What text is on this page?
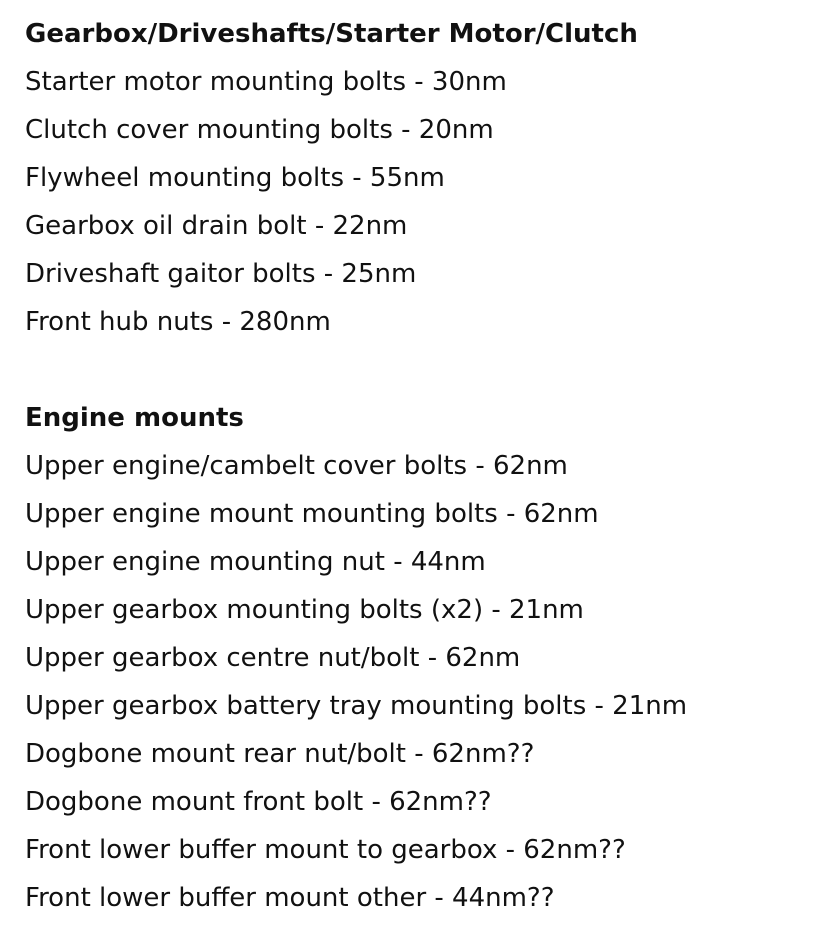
Gearbox/Driveshafts/Starter Motor/Clutch

Starter motor mounting bolts - 30nm

Clutch cover mounting bolts - 20nm

Flywheel mounting bolts - 55nm

Gearbox oil drain bolt - 22nm

Driveshaft gaitor bolts - 25nm

Front hub nuts - 280nm

Engine mounts

Upper engine/cambelt cover bolts - 62nm

Upper engine mount mounting bolts - 62nm

Upper engine mounting nut - 44nm

Upper gearbox mounting bolts (x2) - 21nm

Upper gearbox centre nut/bolt - 62nm

Upper gearbox battery tray mounting bolts - 21nm

Dogbone mount rear nut/bolt - 62nm??

Dogbone mount front bolt - 62nm??

Front lower buffer mount to gearbox - 62nm??

Front lower buffer mount other - 44nm??
